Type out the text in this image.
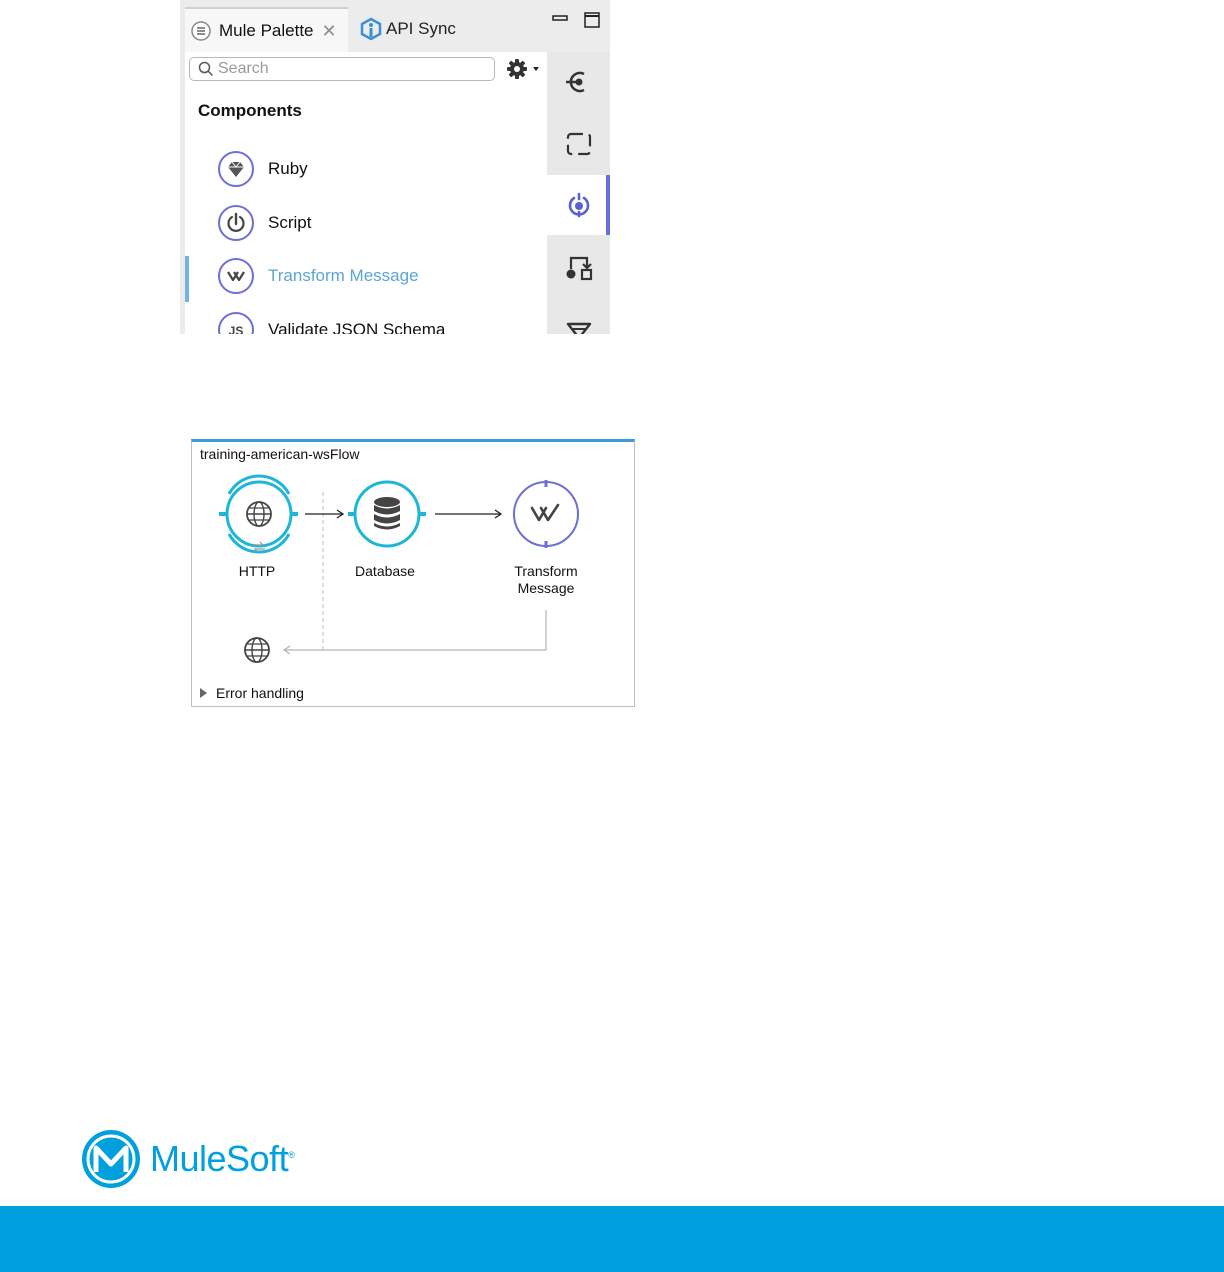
Mule Palette ✕	API Sync
Search
Components
Ruby
Script
Transform Message
JS Validate JSON Schema
training-american-wsFlow
HTTP	Database	Transform Message
Error handling
MuleSoft®
